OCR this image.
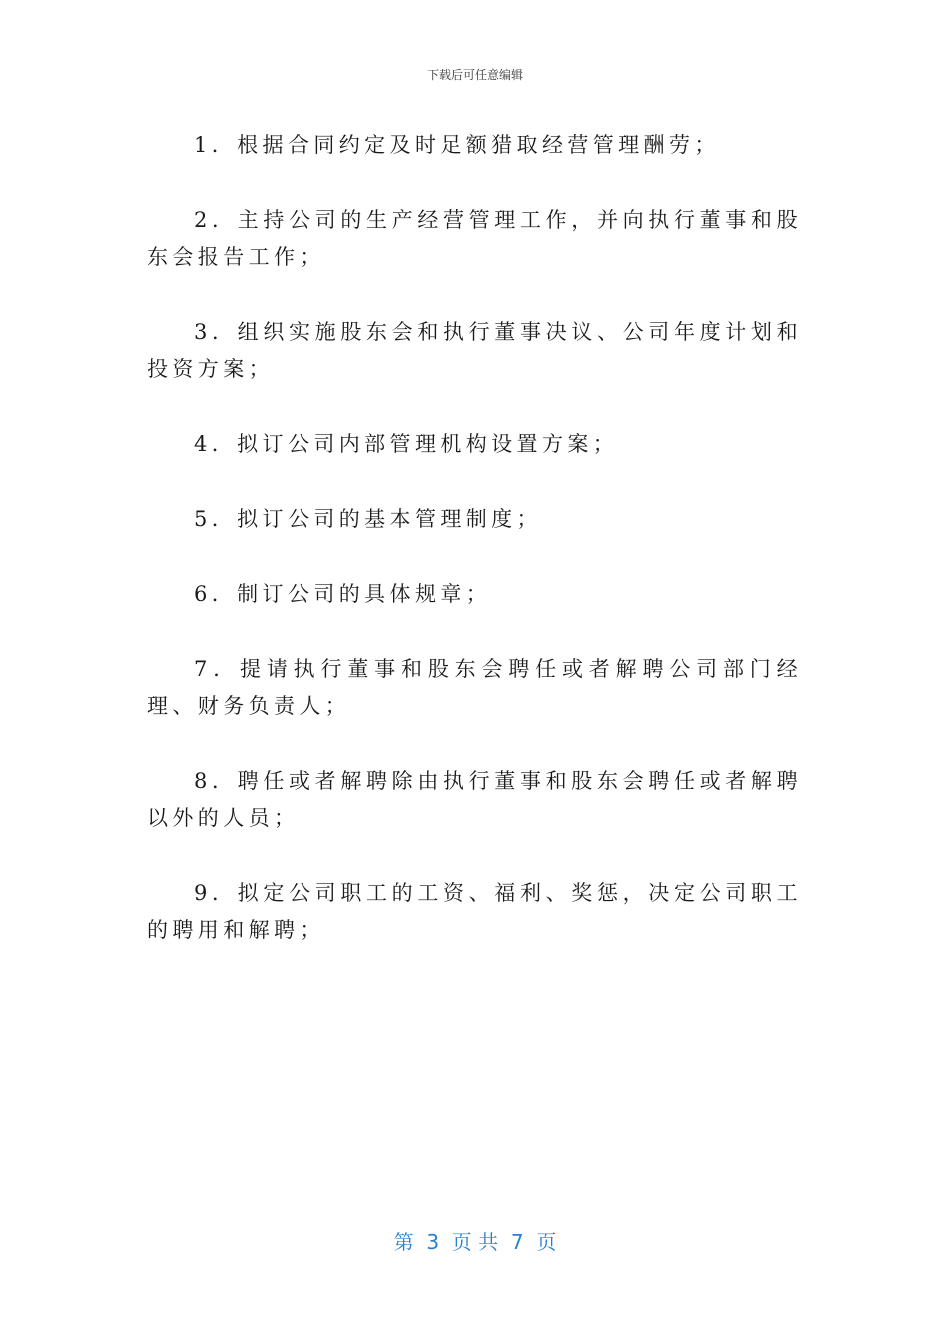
下载后可任意编辑

1．根据合同约定及时足额猎取经营管理酬劳；

2．主持公司的生产经营管理工作，并向执行董事和股东会报告工作；

3．组织实施股东会和执行董事决议、公司年度计划和投资方案；

4．拟订公司内部管理机构设置方案；

5．拟订公司的基本管理制度；

6．制订公司的具体规章；

7．提请执行董事和股东会聘任或者解聘公司部门经理、财务负责人；

8．聘任或者解聘除由执行董事和股东会聘任或者解聘以外的人员；

9．拟定公司职工的工资、福利、奖惩，决定公司职工的聘用和解聘；

第  3  页 共  7  页
